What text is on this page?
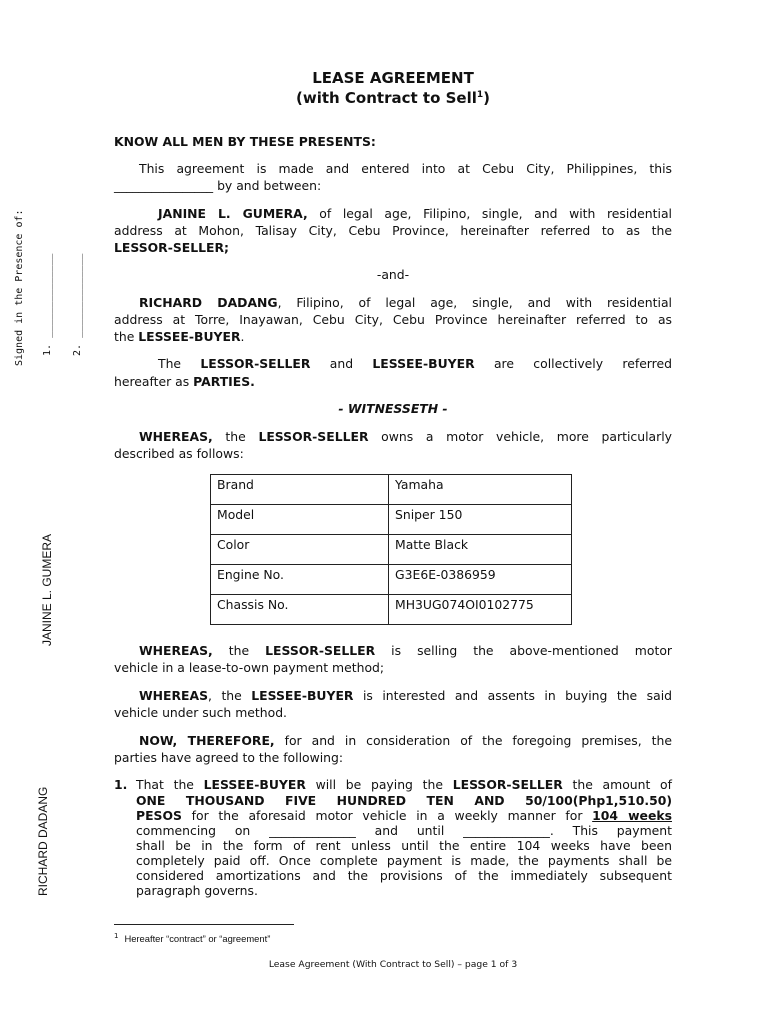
Signed in the Presence of: 1. ______________
2. ______________
JANINE L. GUMERA
RICHARD DADANG
LEASE AGREEMENT
(with Contract to Sell$^1$)
KNOW ALL MEN BY THESE PRESENTS:
This agreement is made and entered into at Cebu City, Philippines, this
________________ by and between:
JANINE L. GUMERA, of legal age, Filipino, single, and with residential
address at Mohon, Talisay City, Cebu Province, hereinafter referred to as the
LESSOR-SELLER;
-and-
RICHARD DADANG, Filipino, of legal age, single, and with residential
address at Torre, Inayawan, Cebu City, Cebu Province hereinafter referred to as
the LESSEE-BUYER.
The LESSOR-SELLER and LESSEE-BUYER are collectively referred
hereafter as PARTIES.
- WITNESSETH -
WHEREAS, the LESSOR-SELLER owns a motor vehicle, more particularly
described as follows:
Brand	Yamaha
Model	Sniper 150
Color	Matte Black
Engine No.	G3E6E-0386959
Chassis No.	MH3UG074OI0102775
WHEREAS, the LESSOR-SELLER is selling the above-mentioned motor
vehicle in a lease-to-own payment method;
WHEREAS, the LESSEE-BUYER is interested and assents in buying the said
vehicle under such method.
NOW, THEREFORE, for and in consideration of the foregoing premises, the
parties have agreed to the following:
1. That the LESSEE-BUYER will be paying the LESSOR-SELLER the amount of
ONE THOUSAND FIVE HUNDRED TEN AND 50/100(Php1,510.50)
PESOS for the aforesaid motor vehicle in a weekly manner for 104 weeks
commencing on ______________ and until ______________. This payment
shall be in the form of rent unless until the entire 104 weeks have been
completely paid off. Once complete payment is made, the payments shall be
considered amortizations and the provisions of the immediately subsequent
paragraph governs.
$^1$ Hereafter “contract” or “agreement”
Lease Agreement (With Contract to Sell) – page 1 of 3
